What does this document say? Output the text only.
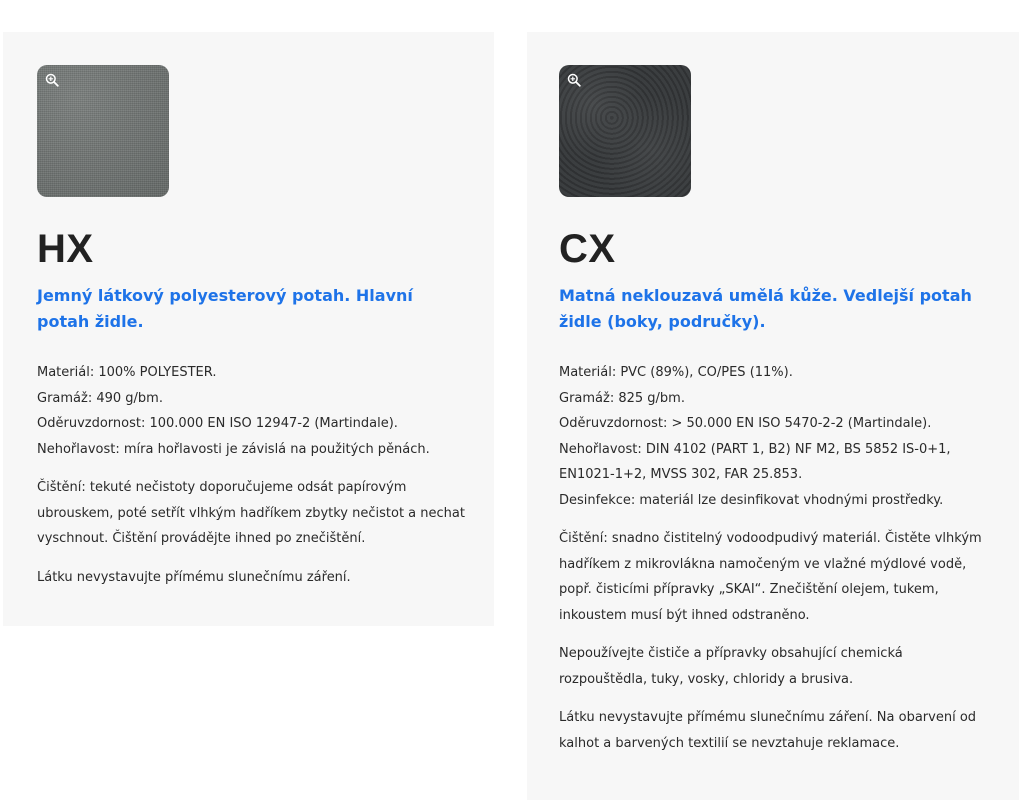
HX

Jemný látkový polyesterový potah. Hlavní potah židle.

Materiál: 100% POLYESTER.
Gramáž: 490 g/bm.
Oděruvzdornost: 100.000 EN ISO 12947-2 (Martindale).
Nehořlavost: míra hořlavosti je závislá na použitých pěnách.

Čištění: tekuté nečistoty doporučujeme odsát papírovým ubrouskem, poté setřít vlhkým hadříkem zbytky nečistot a nechat vyschnout. Čištění provádějte ihned po znečištění.

Látku nevystavujte přímému slunečnímu záření.

CX

Matná neklouzavá umělá kůže. Vedlejší potah židle (boky, područky).

Materiál: PVC (89%), CO/PES (11%).
Gramáž: 825 g/bm.
Oděruvzdornost: > 50.000 EN ISO 5470-2-2 (Martindale).
Nehořlavost: DIN 4102 (PART 1, B2) NF M2, BS 5852 IS-0+1,
EN1021-1+2, MVSS 302, FAR 25.853.
Desinfekce: materiál lze desinfikovat vhodnými prostředky.

Čištění: snadno čistitelný vodoodpudivý materiál. Čistěte vlhkým hadříkem z mikrovlákna namočeným ve vlažné mýdlové vodě, popř. čisticími přípravky „SKAI“. Znečištění olejem, tukem, inkoustem musí být ihned odstraněno.

Nepoužívejte čističe a přípravky obsahující chemická rozpouštědla, tuky, vosky, chloridy a brusiva.

Látku nevystavujte přímému slunečnímu záření. Na obarvení od kalhot a barvených textilií se nevztahuje reklamace.
